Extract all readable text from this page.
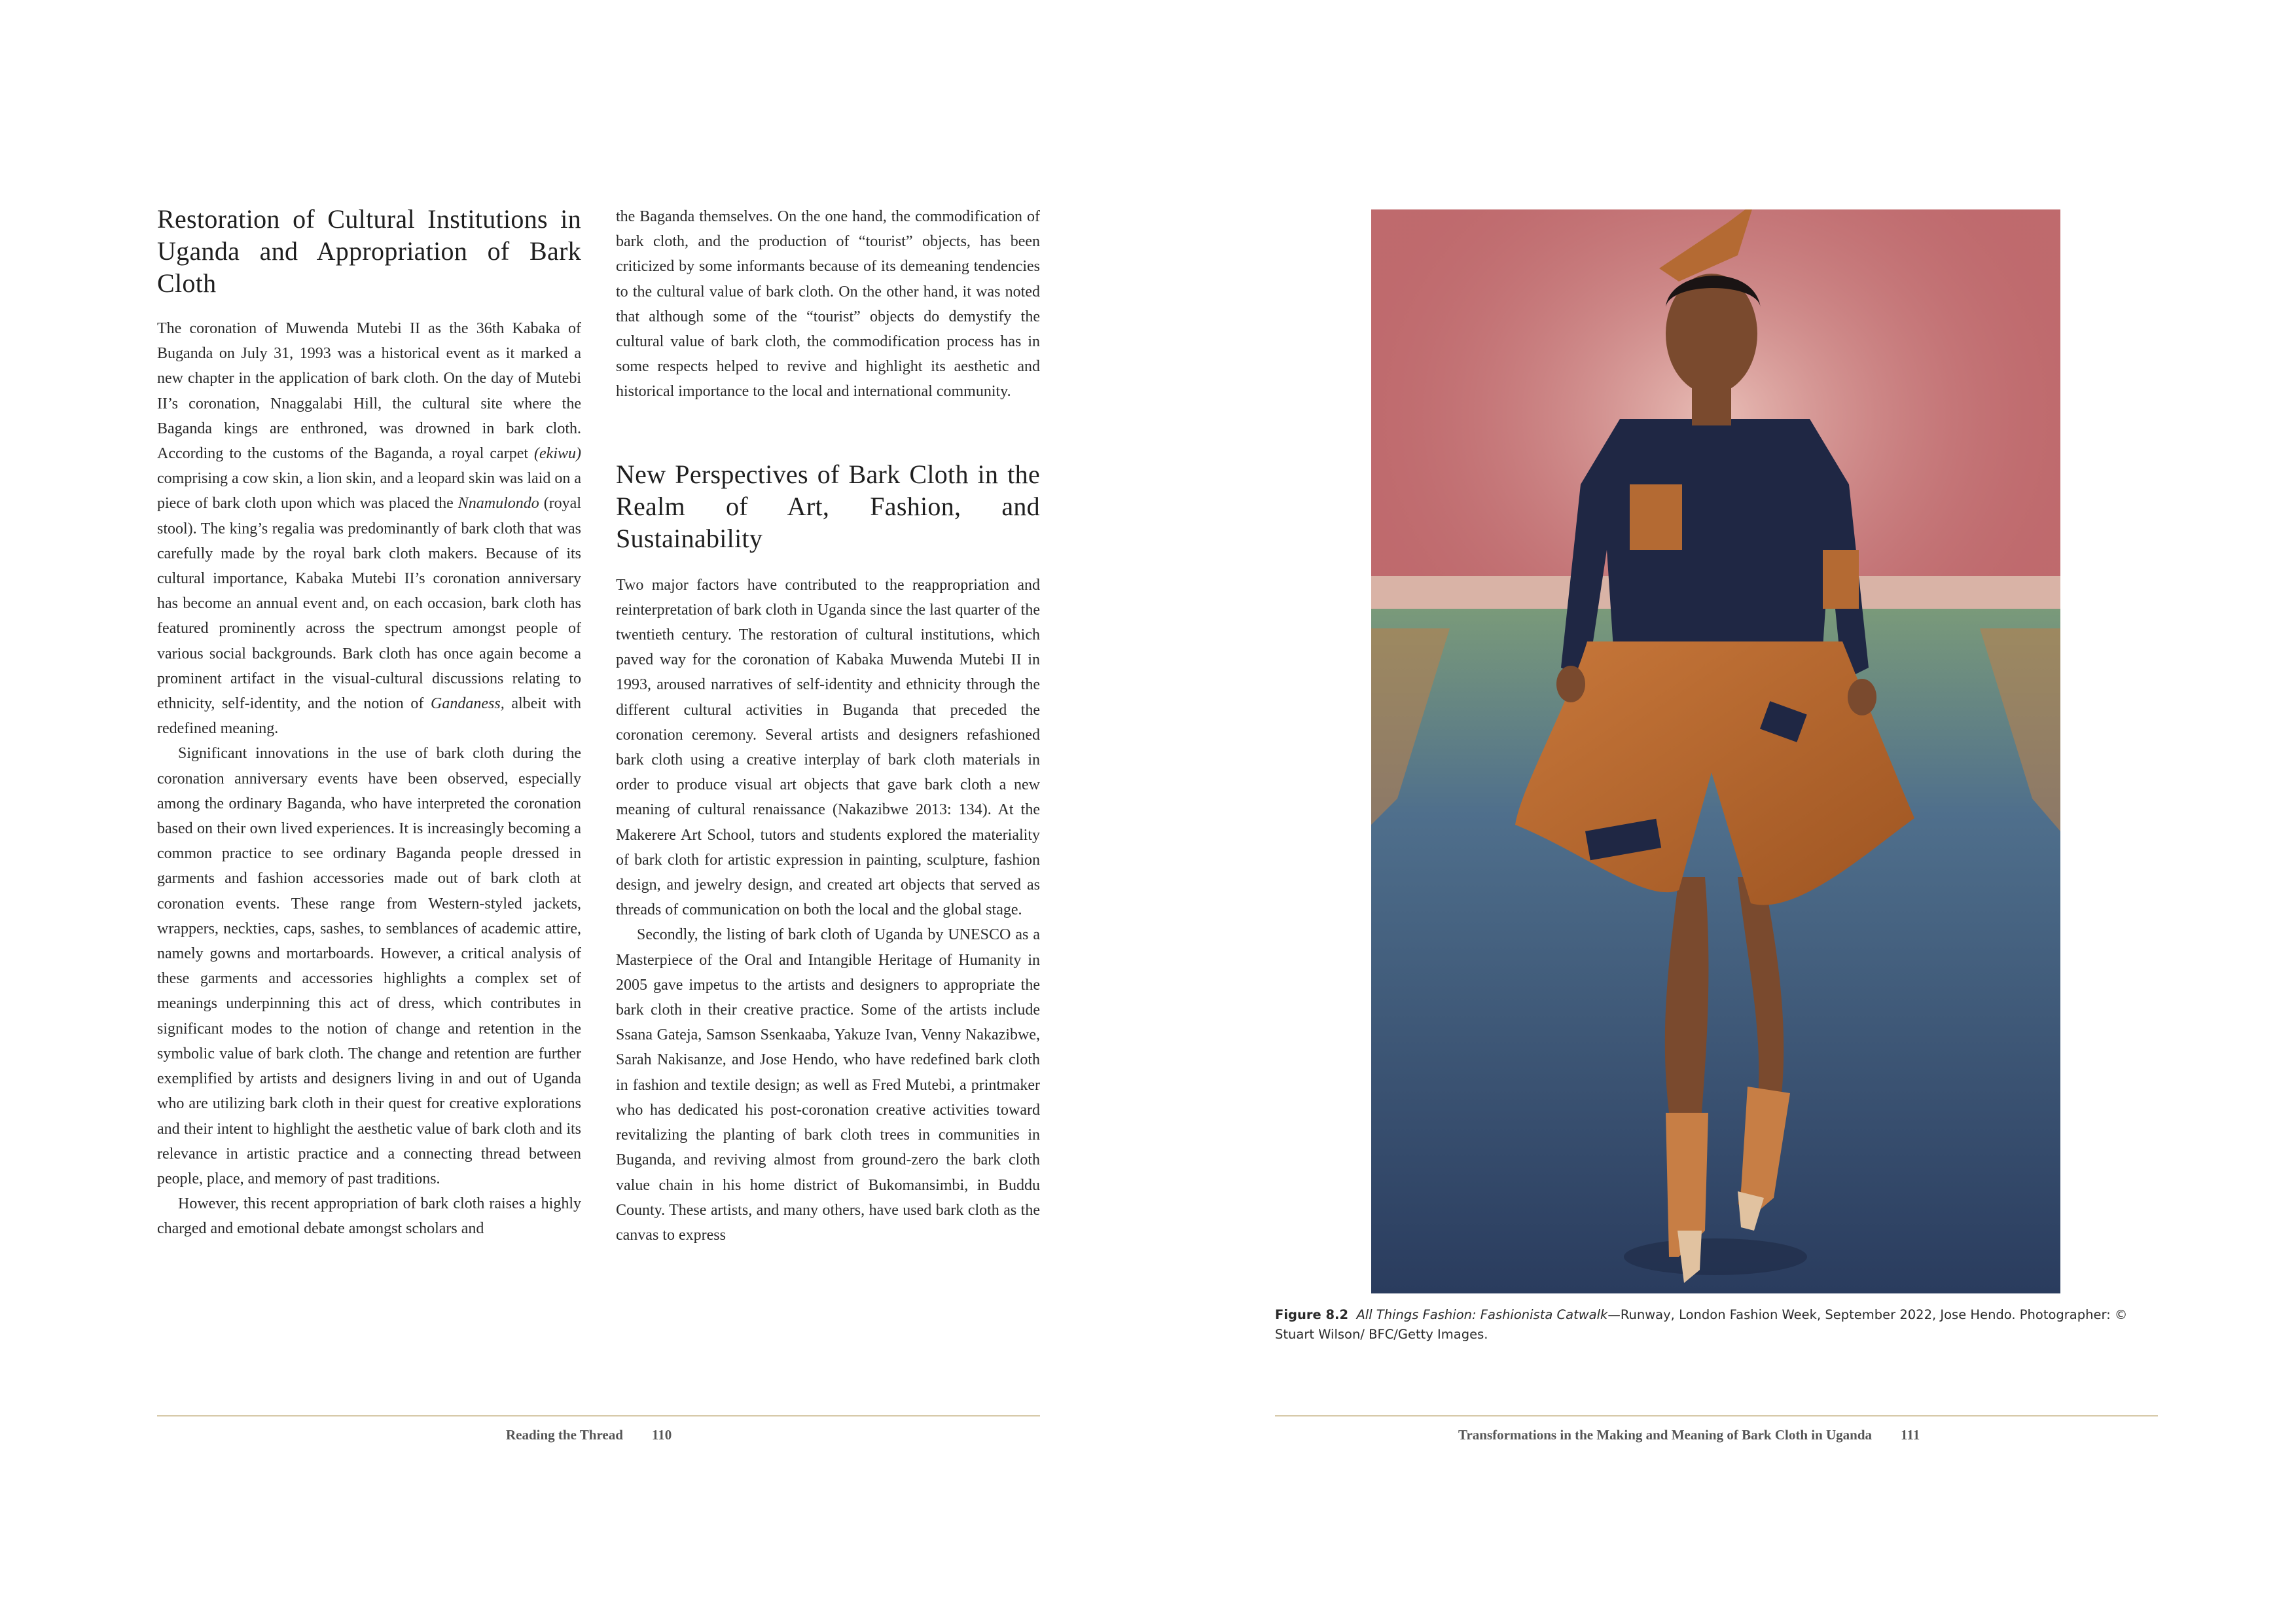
Restoration of Cultural Institutions in Uganda and Appropriation of Bark Cloth

The coronation of Muwenda Mutebi II as the 36th Kabaka of Buganda on July 31, 1993 was a historical event as it marked a new chapter in the application of bark cloth. On the day of Mutebi II’s coronation, Nnaggalabi Hill, the cultural site where the Baganda kings are enthroned, was drowned in bark cloth. According to the customs of the Baganda, a royal carpet (ekiwu) comprising a cow skin, a lion skin, and a leopard skin was laid on a piece of bark cloth upon which was placed the Nnamulondo (royal stool). The king’s regalia was predominantly of bark cloth that was carefully made by the royal bark cloth makers. Because of its cultural importance, Kabaka Mutebi II’s coronation anniversary has become an annual event and, on each occasion, bark cloth has featured prominently across the spectrum amongst people of various social backgrounds. Bark cloth has once again become a prominent artifact in the visual-cultural discussions relating to ethnicity, self-identity, and the notion of Gandaness, albeit with redefined meaning.

Significant innovations in the use of bark cloth during the coronation anniversary events have been observed, especially among the ordinary Baganda, who have interpreted the coronation based on their own lived experiences. It is increasingly becoming a common practice to see ordinary Baganda people dressed in garments and fashion accessories made out of bark cloth at coronation events. These range from Western-styled jackets, wrappers, neckties, caps, sashes, to semblances of academic attire, namely gowns and mortarboards. However, a critical analysis of these garments and accessories highlights a complex set of meanings underpinning this act of dress, which contributes in significant modes to the notion of change and retention in the symbolic value of bark cloth. The change and retention are further exemplified by artists and designers living in and out of Uganda who are utilizing bark cloth in their quest for creative explorations and their intent to highlight the aesthetic value of bark cloth and its relevance in artistic practice and a connecting thread between people, place, and memory of past traditions.

However, this recent appropriation of bark cloth raises a highly charged and emotional debate amongst scholars and

the Baganda themselves. On the one hand, the commodification of bark cloth, and the production of “tourist” objects, has been criticized by some informants because of its demeaning tendencies to the cultural value of bark cloth. On the other hand, it was noted that although some of the “tourist” objects do demystify the cultural value of bark cloth, the commodification process has in some respects helped to revive and highlight its aesthetic and historical importance to the local and international community.

New Perspectives of Bark Cloth in the Realm of Art, Fashion, and Sustainability

Two major factors have contributed to the reappropriation and reinterpretation of bark cloth in Uganda since the last quarter of the twentieth century. The restoration of cultural institutions, which paved way for the coronation of Kabaka Muwenda Mutebi II in 1993, aroused narratives of self-identity and ethnicity through the different cultural activities in Buganda that preceded the coronation ceremony. Several artists and designers refashioned bark cloth using a creative interplay of bark cloth materials in order to produce visual art objects that gave bark cloth a new meaning of cultural renaissance (Nakazibwe 2013: 134). At the Makerere Art School, tutors and students explored the materiality of bark cloth for artistic expression in painting, sculpture, fashion design, and jewelry design, and created art objects that served as threads of communication on both the local and the global stage.

Secondly, the listing of bark cloth of Uganda by UNESCO as a Masterpiece of the Oral and Intangible Heritage of Humanity in 2005 gave impetus to the artists and designers to appropriate the bark cloth in their creative practice. Some of the artists include Ssana Gateja, Samson Ssenkaaba, Yakuze Ivan, Venny Nakazibwe, Sarah Nakisanze, and Jose Hendo, who have redefined bark cloth in fashion and textile design; as well as Fred Mutebi, a printmaker who has dedicated his post-coronation creative activities toward revitalizing the planting of bark cloth trees in communities in Buganda, and reviving almost from ground-zero the bark cloth value chain in his home district of Bukomansimbi, in Buddu County. These artists, and many others, have used bark cloth as the canvas to express

Reading the Thread 110
Figure 8.2 All Things Fashion: Fashionista Catwalk—Runway, London Fashion Week, September 2022, Jose Hendo. Photographer: © Stuart Wilson/ BFC/Getty Images.
Transformations in the Making and Meaning of Bark Cloth in Uganda 111
